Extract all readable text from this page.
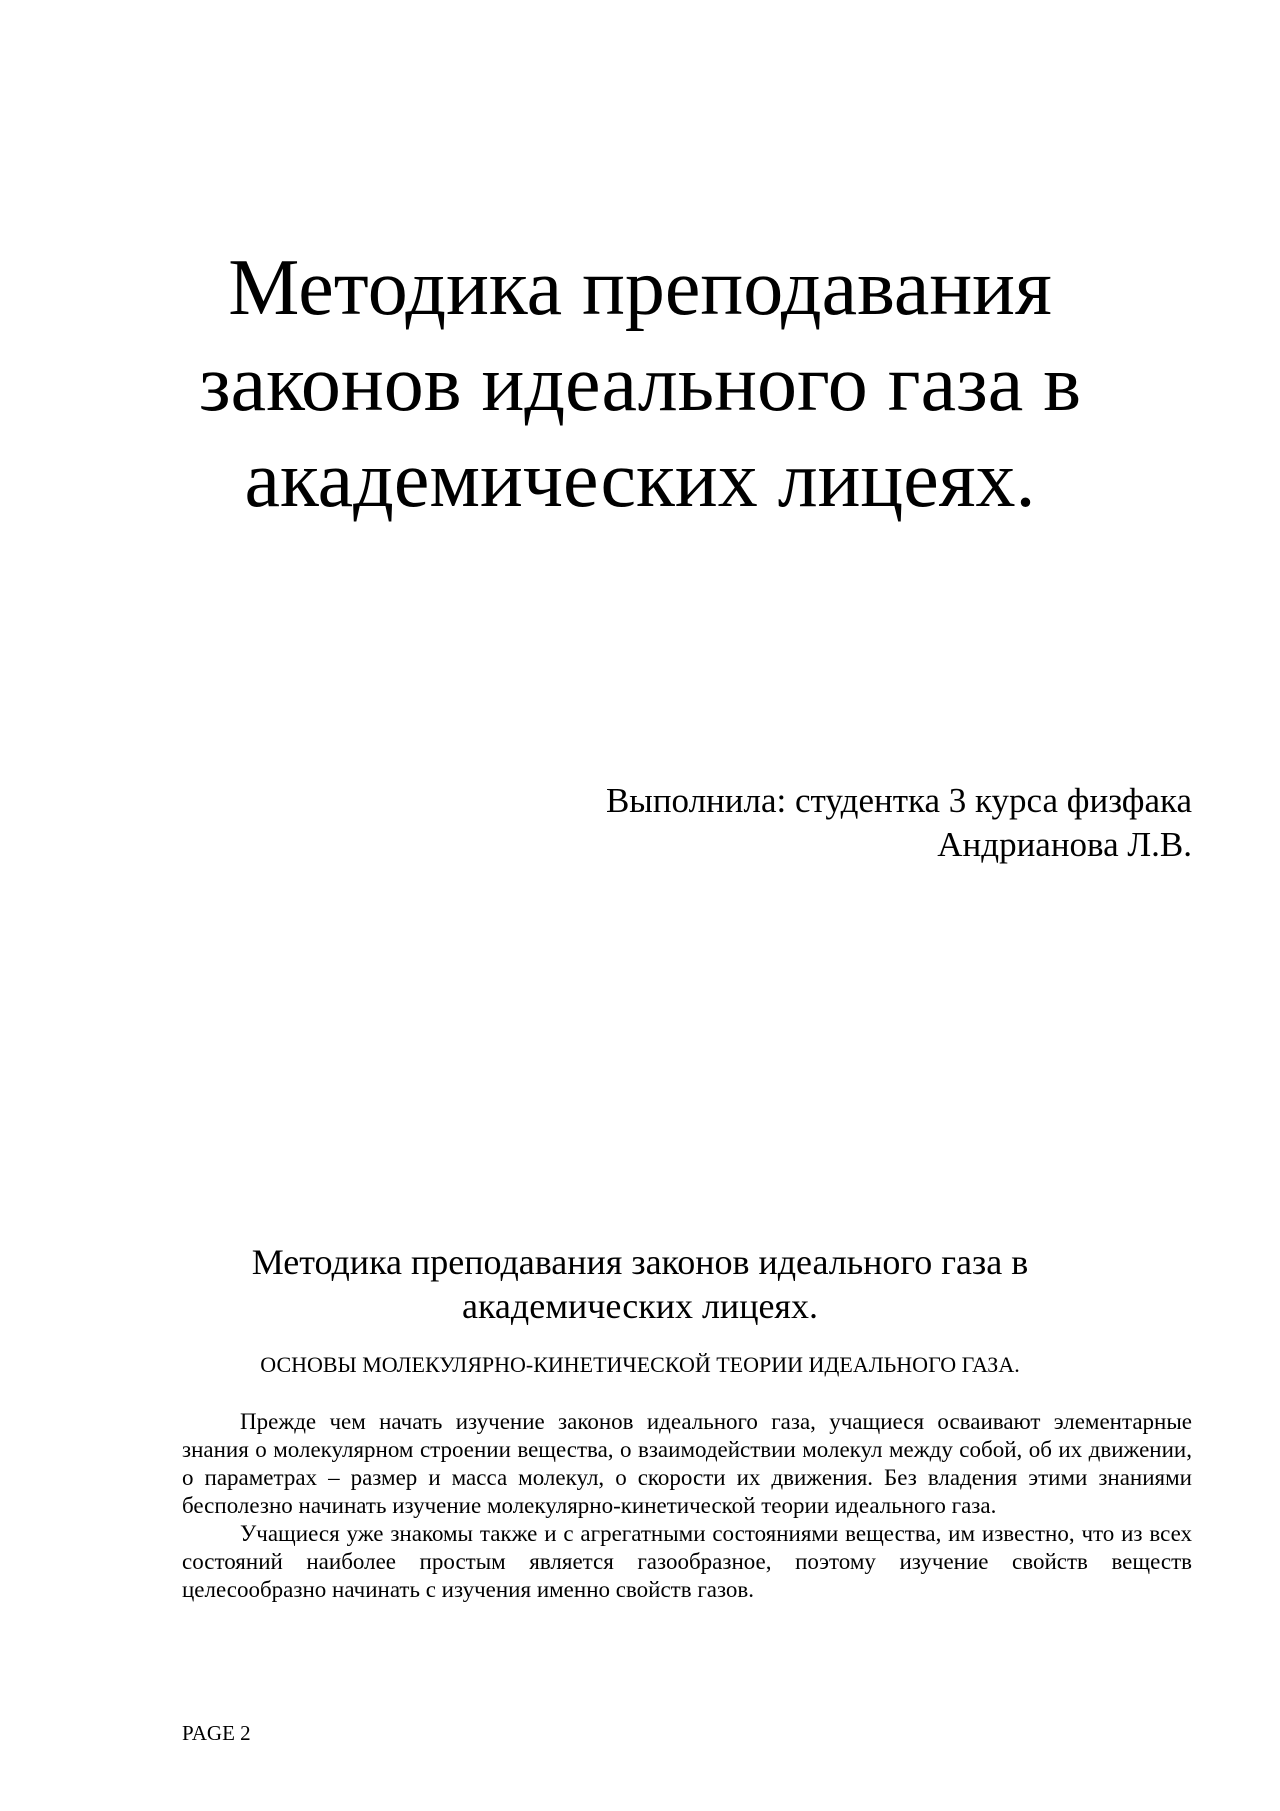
Методика преподавания
законов идеального газа в
академических лицеях.
Выполнила: студентка 3 курса физфака
Андрианова Л.В.
Методика преподавания законов идеального газа в
академических лицеях.
ОСНОВЫ МОЛЕКУЛЯРНО-КИНЕТИЧЕСКОЙ ТЕОРИИ ИДЕАЛЬНОГО ГАЗА.

Прежде чем начать изучение законов идеального газа, учащиеся осваивают элементарные знания о молекулярном строении вещества, о взаимодействии молекул между собой, об их движении, о параметрах – размер и масса молекул, о скорости их движения. Без владения этими знаниями бесполезно начинать изучение молекулярно-кинетической теории идеального газа.

Учащиеся уже знакомы также и с агрегатными состояниями вещества, им известно, что из всех состояний наиболее простым является газообразное, поэтому изучение свойств веществ целесообразно начинать с изучения именно свойств газов.

PAGE 2
